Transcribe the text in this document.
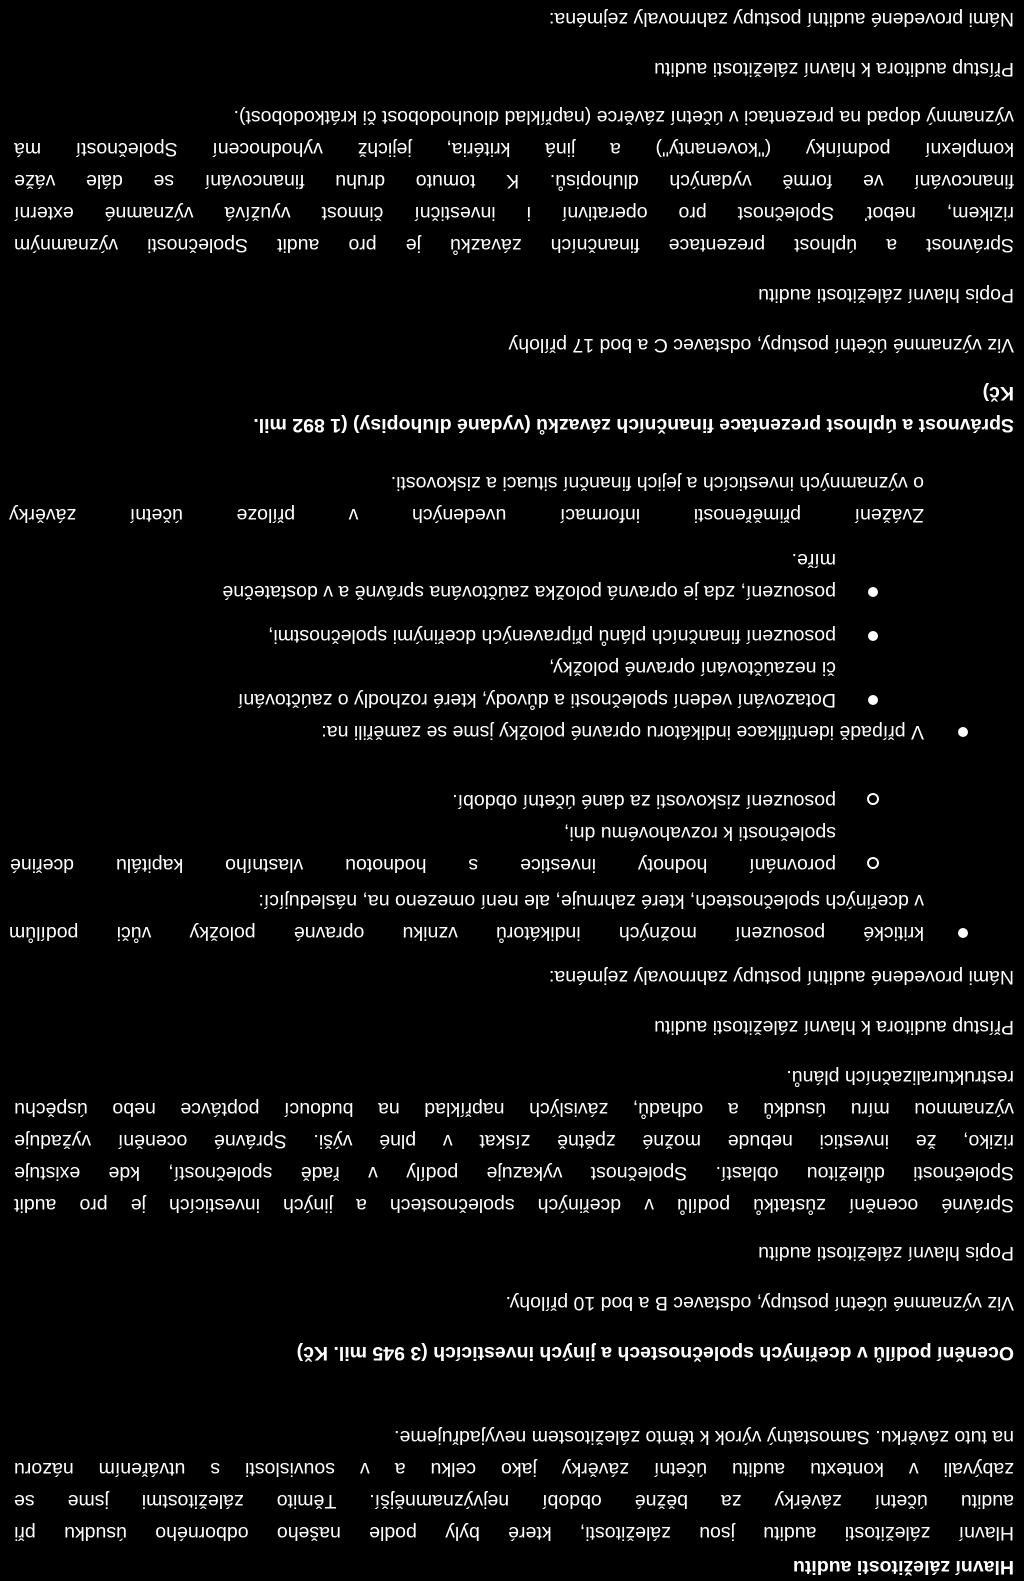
Hlavní záležitosti auditu
Hlavní
záležitosti
auditu
jsou
záležitosti,
které
byly
podle
našeho
odborného
úsudku
při
auditu
účetní
závěrky
za
běžné
období
nejvýznamnější.
Těmito
záležitostmi
jsme
se
zabývali
v
kontextu
auditu
účetní
závěrky
jako
celku
a
v
souvislosti
s
utvářením
názoru
na tuto závěrku. Samostatný výrok k těmto záležitostem nevyjadřujeme.
Ocenění podílů v dceřiných společnostech a jiných investicích (3 945 mil. Kč)
Viz významné účetní postupy, odstavec B a bod 10 přílohy.
Popis hlavní záležitosti auditu
Správné
ocenění
zůstatků
podílů
v
dceřiných
společnostech
a
jiných
investicích
je
pro
audit
Společnosti
důležitou
oblastí.
Společnost
vykazuje
podíly
v
řadě
společností,
kde
existuje
riziko,
že
investici
nebude
možné
zpětně
získat
v
plné
výši.
Správné
ocenění
vyžaduje
významnou
míru
úsudků
a
odhadů,
závislých
například
na
budoucí
poptávce
nebo
úspěchu
restrukturalizačních plánů.
Přístup auditora k hlavní záležitosti auditu
Námi provedené auditní postupy zahrnovaly zejména:
kritické
posouzení
možných
indikátorů
vzniku
opravné
položky
vůči
podílům
v dceřiných společnostech, které zahrnuje, ale není omezeno na, následující:
porovnání
hodnoty
investice
s
hodnotou
vlastního
kapitálu
dceřiné
společnosti k rozvahovému dni,
posouzení ziskovosti za dané účetní období.
V případě identifikace indikátoru opravné položky jsme se zaměřili na:
Dotazování vedení společnosti a důvody, které rozhodly o zaúčtování
či nezaúčtování opravné položky,
posouzení finančních plánů připravených dceřinými společnostmi,
posouzení, zda je opravná položka zaúčtována správně a v dostatečné
míře.
Zvážení
přiměřenosti
informací
uvedených
v
příloze
účetní
závěrky
o významných investicích a jejich finanční situaci a ziskovosti.
Správnost a úplnost prezentace finančních závazků (vydané dluhopisy) (1 892 mil.
Kč)
Viz významné účetní postupy, odstavec C a bod 17 přílohy
Popis hlavní záležitosti auditu
Správnost
a
úplnost
prezentace
finančních
závazků
je
pro
audit
Společnosti
významným
rizikem,
neboť
Společnost
pro
operativní
i
investiční
činnost
využívá
významné
externí
financování
ve
formě
vydaných
dluhopisů.
K
tomuto
druhu
financování
se
dále
váže
komplexní
podmínky
("kovenanty")
a
jiná
kritéria,
jejichž
vyhodnocení
Společností
má
významný dopad na prezentaci v účetní závěrce (například dlouhodobost či krátkodobost).
Přístup auditora k hlavní záležitosti auditu
Námi provedené auditní postupy zahrnovaly zejména:
